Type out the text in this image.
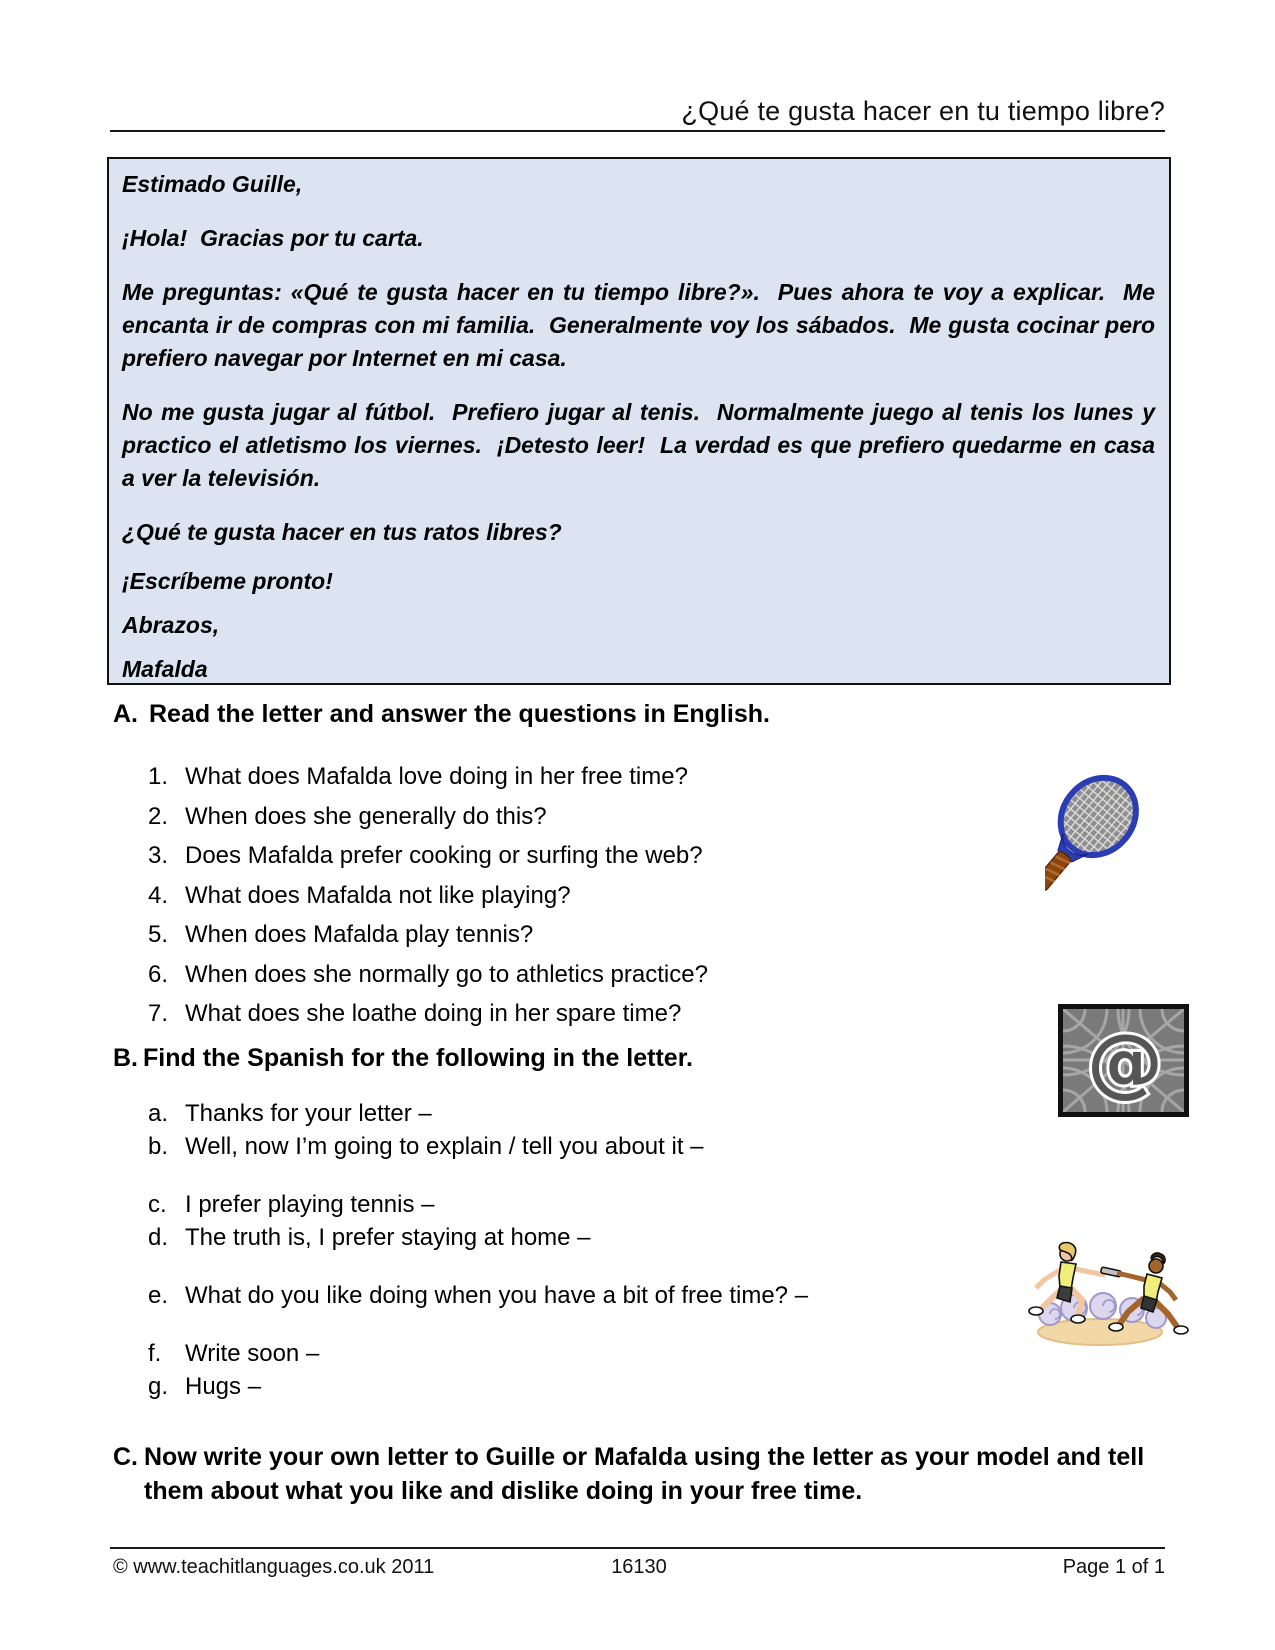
¿Qué te gusta hacer en tu tiempo libre?

Estimado Guille,

¡Hola!  Gracias por tu carta.

Me preguntas: «Qué te gusta hacer en tu tiempo libre?».  Pues ahora te voy a explicar.  Me encanta ir de compras con mi familia.  Generalmente voy los sábados.  Me gusta cocinar pero prefiero navegar por Internet en mi casa.

No me gusta jugar al fútbol.  Prefiero jugar al tenis.  Normalmente juego al tenis los lunes y practico el atletismo los viernes.  ¡Detesto leer!  La verdad es que prefiero quedarme en casa a ver la televisión.

¿Qué te gusta hacer en tus ratos libres?

¡Escríbeme pronto!

Abrazos,

Mafalda

A. Read the letter and answer the questions in English.
1. What does Mafalda love doing in her free time?
2. When does she generally do this?
3. Does Mafalda prefer cooking or surfing the web?
4. What does Mafalda not like playing?
5. When does Mafalda play tennis?
6. When does she normally go to athletics practice?
7. What does she loathe doing in her spare time?
B. Find the Spanish for the following in the letter.
a. Thanks for your letter –
b. Well, now I’m going to explain / tell you about it –
c. I prefer playing tennis –
d. The truth is, I prefer staying at home –
e. What do you like doing when you have a bit of free time? –
f. Write soon –
g. Hugs –
C. Now write your own letter to Guille or Mafalda using the letter as your model and tell them about what you like and dislike doing in your free time.
@
© www.teachitlanguages.co.uk 2011	16130	Page 1 of 1
